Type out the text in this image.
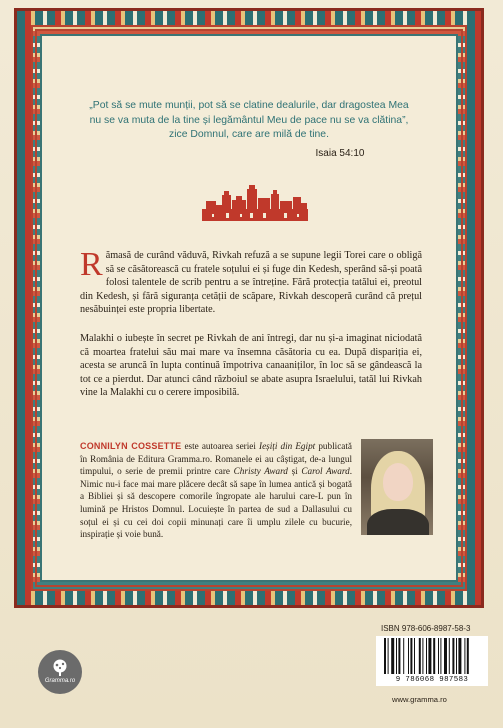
„Pot să se mute munții, pot să se clatine dealurile, dar dragostea Mea
nu se va muta de la tine și legământul Meu de pace nu se va clătina”,
zice Domnul, care are milă de tine.
Isaia 54:10
Rămasă de curând văduvă, Rivkah refuză a se supune legii Torei care o obligă să se căsătorească cu fratele soțului ei și fuge din Kedesh, sperând să-și poată folosi talentele de scrib pentru a se întreține. Fără protecția tatălui ei, preotul din Kedesh, și fără siguranța cetății de scăpare, Rivkah descoperă curând că prețul nesăbuinței este propria libertate.
Malakhi o iubește în secret pe Rivkah de ani întregi, dar nu și-a imaginat niciodată că moartea fratelui său mai mare va însemna căsătoria cu ea. După dispariția ei, acesta se aruncă în lupta continuă împotriva canaaniților, în loc să se gândească la tot ce a pierdut. Dar atunci când războiul se abate asupra Israelului, tatăl lui Rivkah vine la Malakhi cu o cerere imposibilă.
CONNILYN COSSETTE este autoarea seriei Ieșiți din Egipt publicată în România de Editura Gramma.ro. Romanele ei au câștigat, de-a lungul timpului, o serie de premii printre care Christy Award și Carol Award. Nimic nu-i face mai mare plăcere decât să sape în lumea antică și bogată a Bibliei și să descopere comorile îngropate ale harului care-L pun în lumină pe Hristos Domnul. Locuiește în partea de sud a Dallasului cu soțul ei și cu cei doi copii minunați care îi umplu zilele cu bucurie, inspirație și voie bună.
Gramma.ro
ISBN 978-606-8987-58-3
9 786068 987583
www.gramma.ro
